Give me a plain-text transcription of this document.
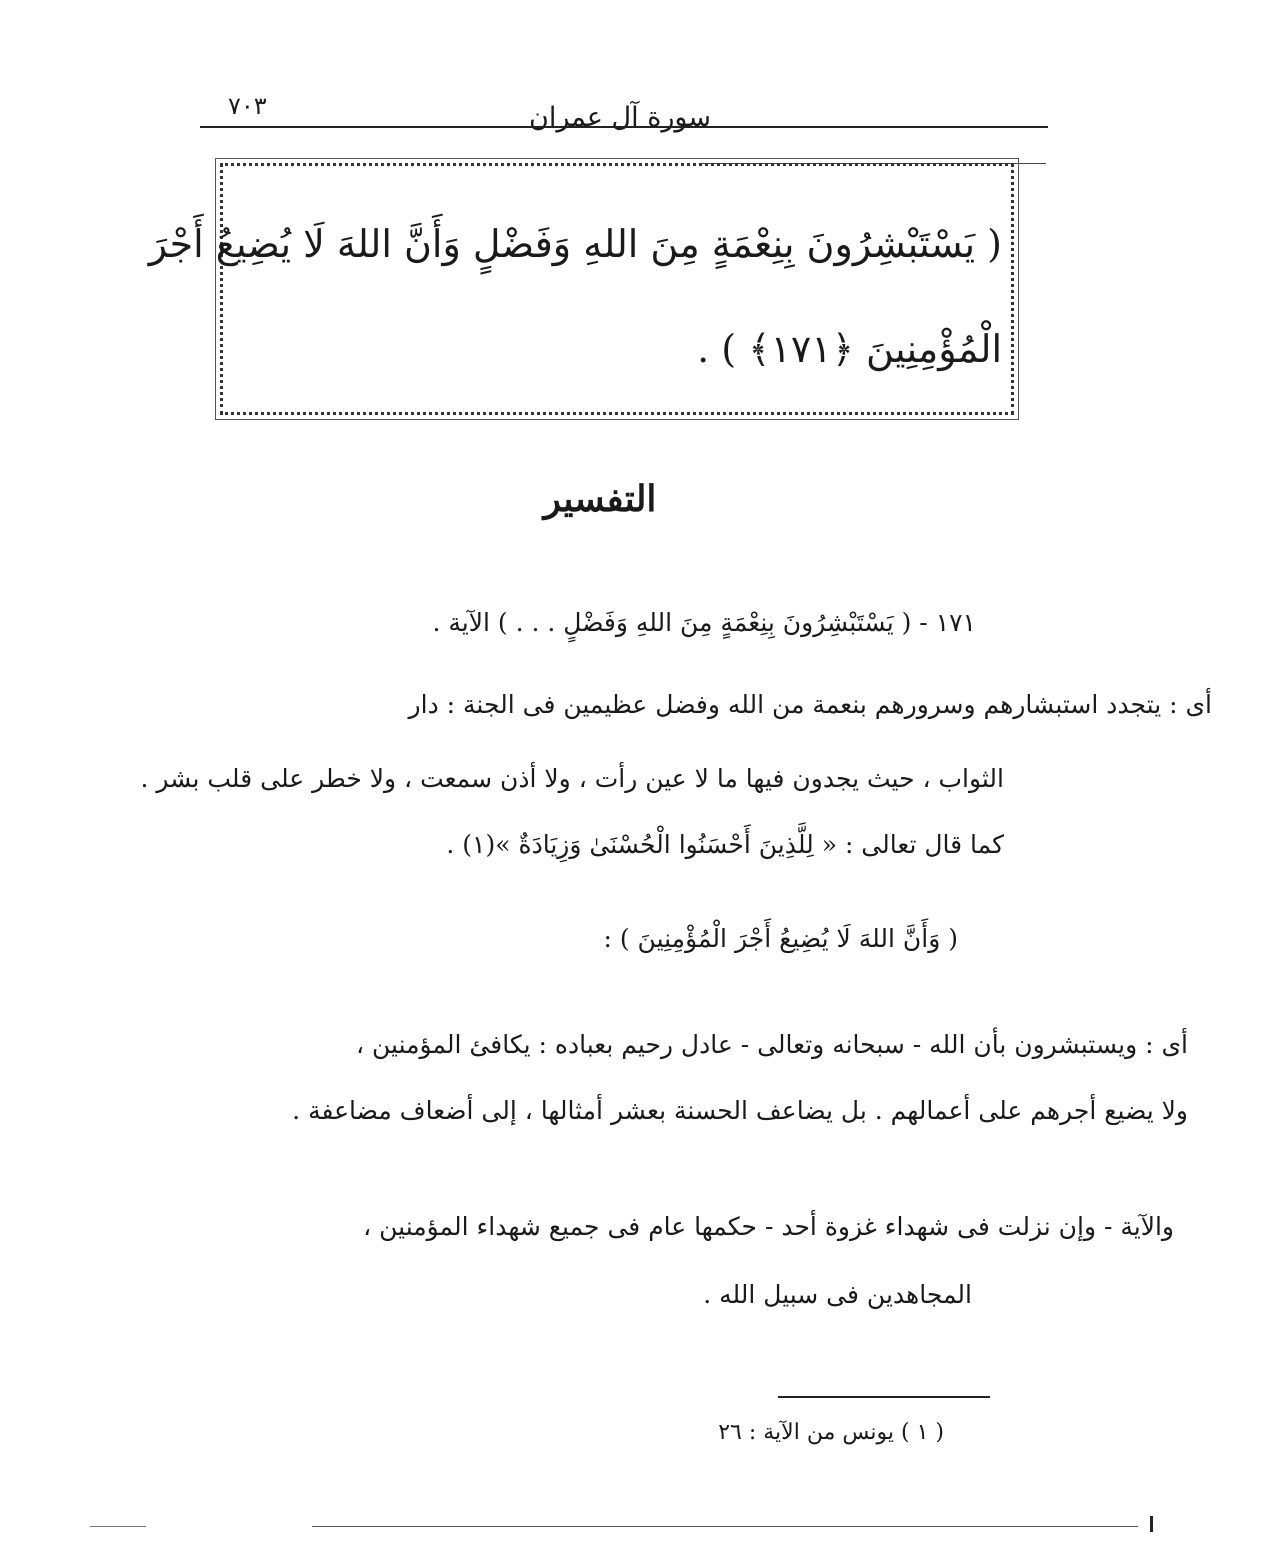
٧٠٣	سورة آل عمران
( يَسْتَبْشِرُونَ بِنِعْمَةٍ مِنَ اللهِ وَفَضْلٍ وَأَنَّ اللهَ لَا يُضِيعُ أَجْرَ
الْمُؤْمِنِينَ ﴿١٧١﴾ ) .
التفسير
١٧١ - ( يَسْتَبْشِرُونَ بِنِعْمَةٍ مِنَ اللهِ وَفَضْلٍ . . . ) الآية .
أى : يتجدد استبشارهم وسرورهم بنعمة من الله وفضل عظيمين فى الجنة : دار
الثواب ، حيث يجدون فيها ما لا عين رأت ، ولا أذن سمعت ، ولا خطر على قلب بشر .
كما قال تعالى : « لِلَّذِينَ أَحْسَنُوا الْحُسْنَىٰ وَزِيَادَةٌ »(١) .
( وَأَنَّ اللهَ لَا يُضِيعُ أَجْرَ الْمُؤْمِنِينَ ) :
أى : ويستبشرون بأن الله - سبحانه وتعالى - عادل رحيم بعباده : يكافئ المؤمنين ،
ولا يضيع أجرهم على أعمالهم . بل يضاعف الحسنة بعشر أمثالها ، إلى أضعاف مضاعفة .
والآية - وإن نزلت فى شهداء غزوة أحد - حكمها عام فى جميع شهداء المؤمنين ،
المجاهدين فى سبيل الله .
( ١ ) يونس من الآية : ٢٦
